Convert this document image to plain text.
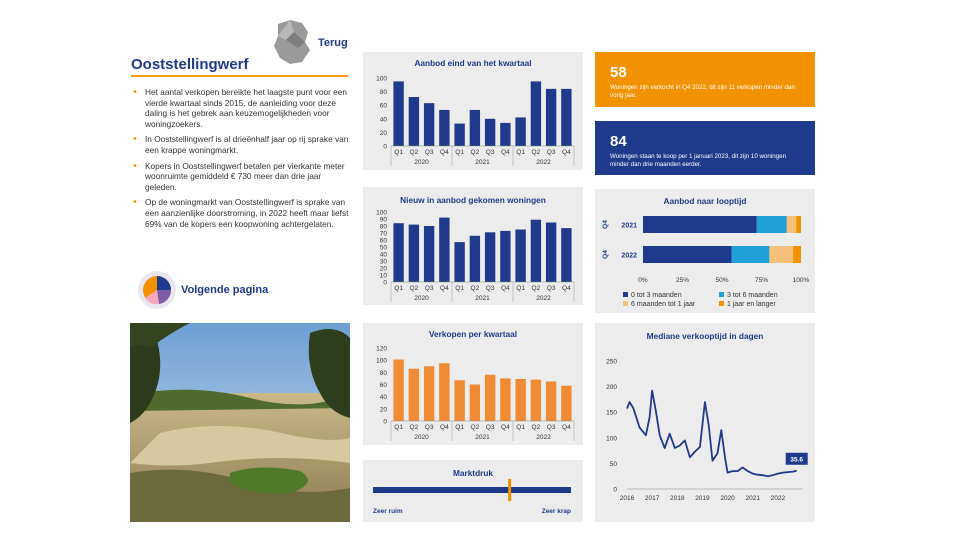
Terug
Ooststellingwerf
• Het aantal verkopen bereikte het laagste punt voor een vierde kwartaal sinds 2015, de aanleiding voor deze daling is het gebrek aan keuzemogelijkheden voor woningzoekers.
• In Ooststellingwerf is al drieënhalf jaar op rij sprake van een krappe woningmarkt.
• Kopers in Ooststellingwerf betalen per vierkante meter woonruimte gemiddeld € 730 meer dan drie jaar geleden.
• Op de woningmarkt van Ooststellingwerf is sprake van een aanzienlijke doorstroming, in 2022 heeft maar liefst 69% van de kopers een koopwoning achtergelaten.
Volgende pagina
Aanbod eind van het kwartaal
0
20
40
60
80
100
Q1 Q2 Q3 Q4 Q1 Q2 Q3 Q4 Q1 Q2 Q3 Q4
2020	2021	2022
Nieuw in aanbod gekomen woningen
0
10
20
30
40
50
60
70
80
90
100
Q1 Q2 Q3 Q4 Q1 Q2 Q3 Q4 Q1 Q2 Q3 Q4
2020	2021	2022
Verkopen per kwartaal
0
20
40
60
80
100
120
Q1 Q2 Q3 Q4 Q1 Q2 Q3 Q4 Q1 Q2 Q3 Q4
2020	2021	2022
Marktdruk
Zeer ruim	Zeer krap
58
Woningen zijn verkocht in Q4 2022, dit zijn 11 verkopen minder dan vorig jaar.
84
Woningen staan te koop per 1 januari 2023, dit zijn 10 woningen minder dan drie maanden eerder.
Aanbod naar looptijd
2021
Q4
2022
Q4
0%	25%	50%	75%	100%
0 tot 3 maanden	3 tot 6 maanden
6 maanden tot 1 jaar	1 jaar en langer
Mediane verkooptijd in dagen
0
50
100
150
200
250
2016 2017 2018 2019 2020 2021 2022
35.6
